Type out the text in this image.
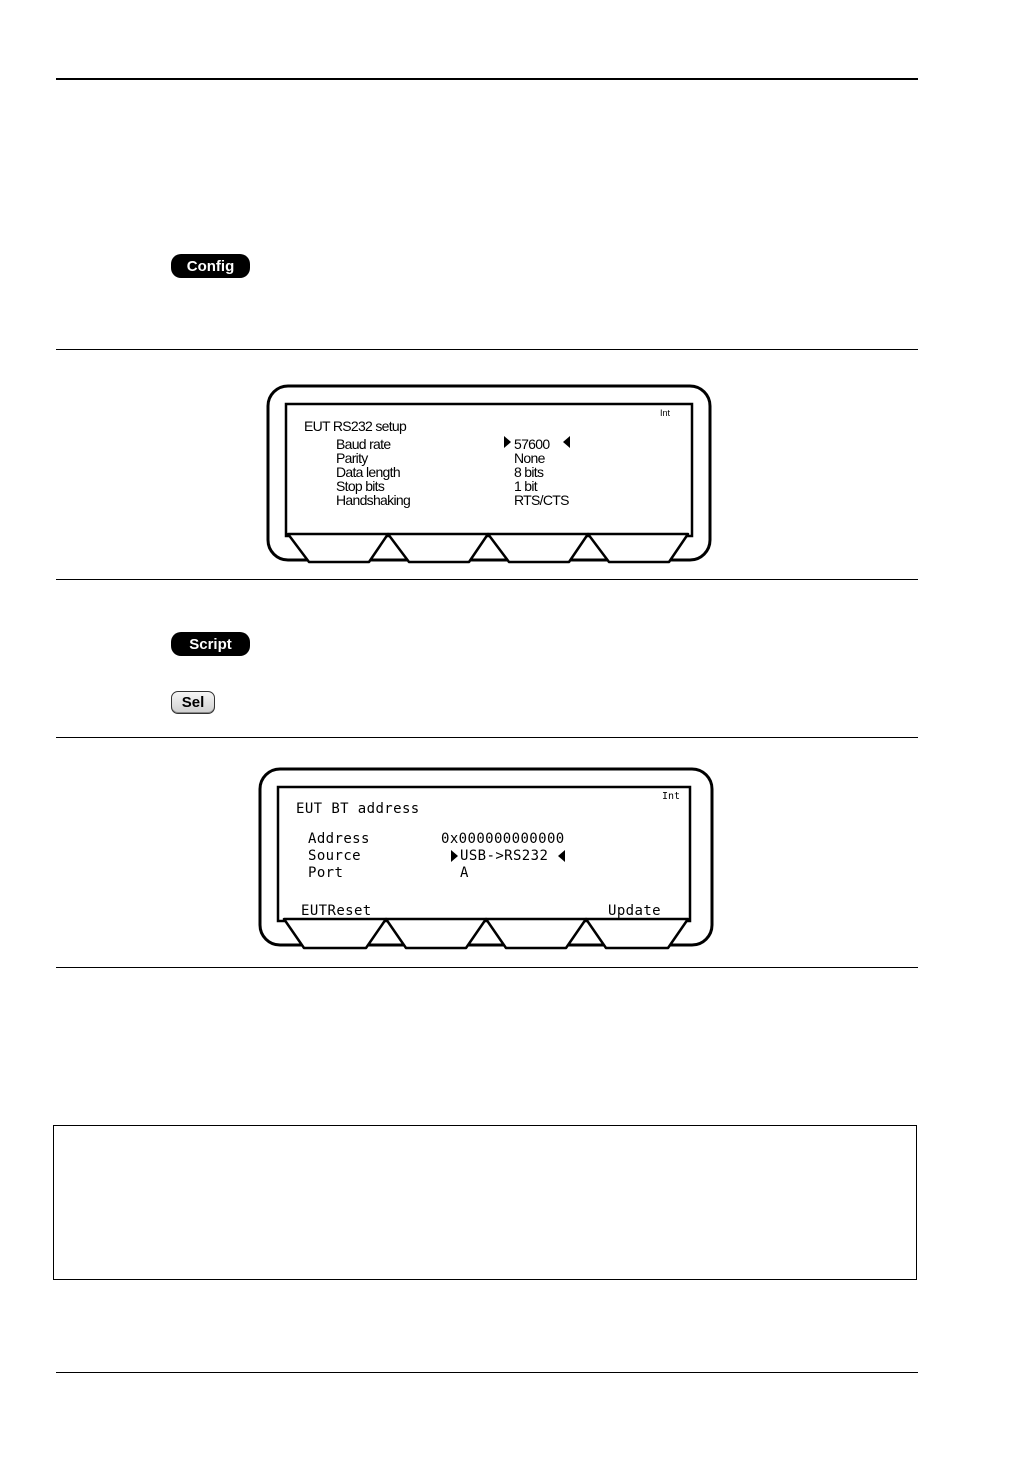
Config
Script
Sel
Int
EUT RS232 setup
Baud rate
Parity
Data length
Stop bits
Handshaking
57600
None
8 bits
1 bit
RTS/CTS
Int
EUT BT address
Address
Source
Port
0x000000000000
USB->RS232
A
EUTReset	Update
